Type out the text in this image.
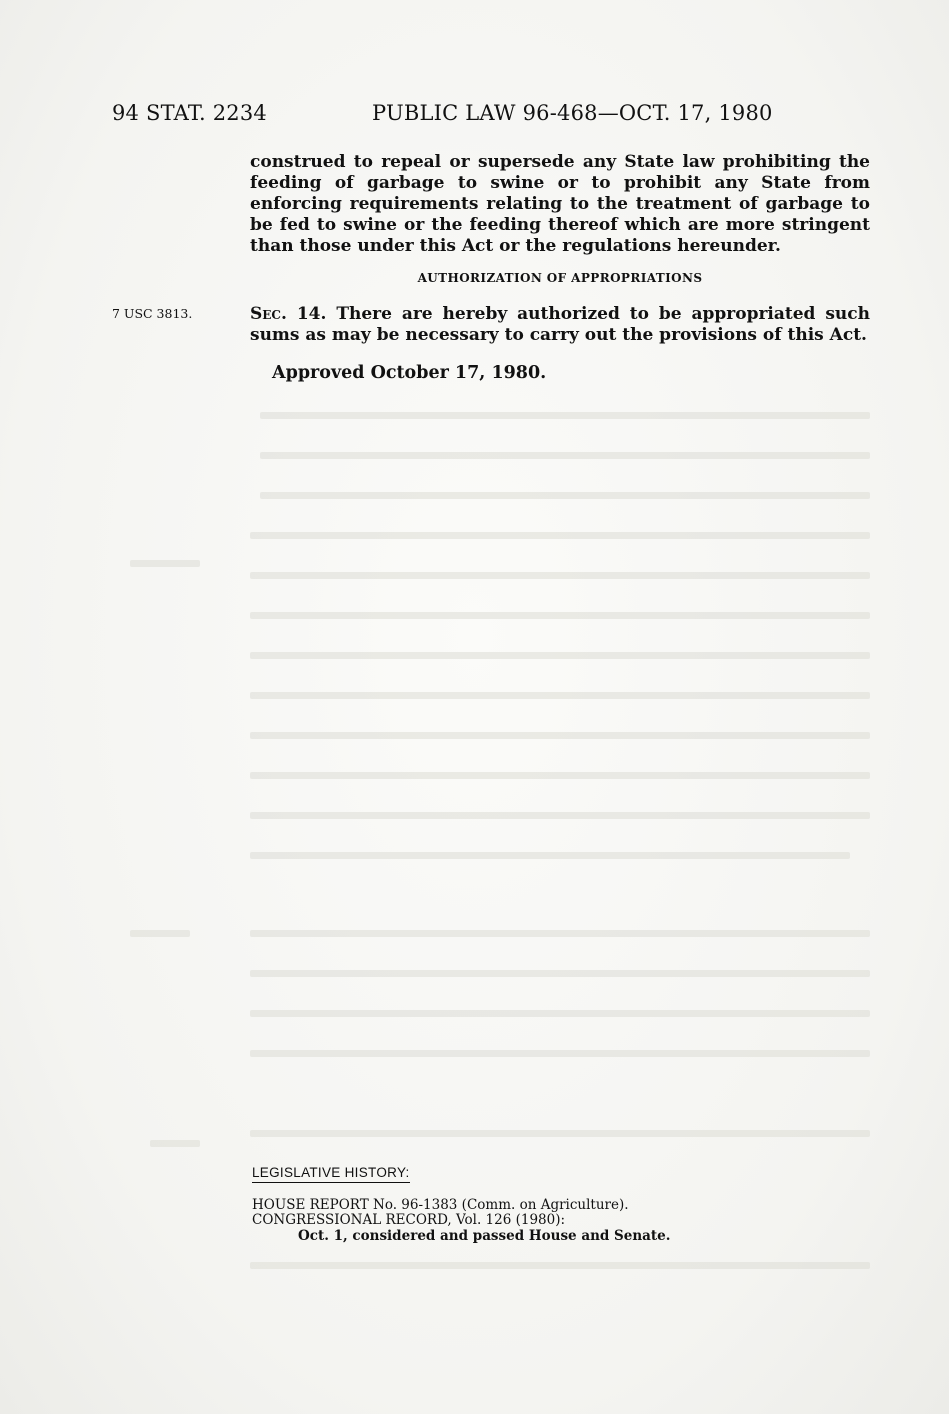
94 STAT. 2234	PUBLIC LAW 96-468—OCT. 17, 1980
construed to repeal or supersede any State law prohibiting the feeding of garbage to swine or to prohibit any State from enforcing requirements relating to the treatment of garbage to be fed to swine or the feeding thereof which are more stringent than those under this Act or the regulations hereunder.
AUTHORIZATION OF APPROPRIATIONS
7 USC 3813.	Sec. 14. There are hereby authorized to be appropriated such sums as may be necessary to carry out the provisions of this Act.
Approved October 17, 1980.
LEGISLATIVE HISTORY:
HOUSE REPORT No. 96-1383 (Comm. on Agriculture).
CONGRESSIONAL RECORD, Vol. 126 (1980):
Oct. 1, considered and passed House and Senate.
